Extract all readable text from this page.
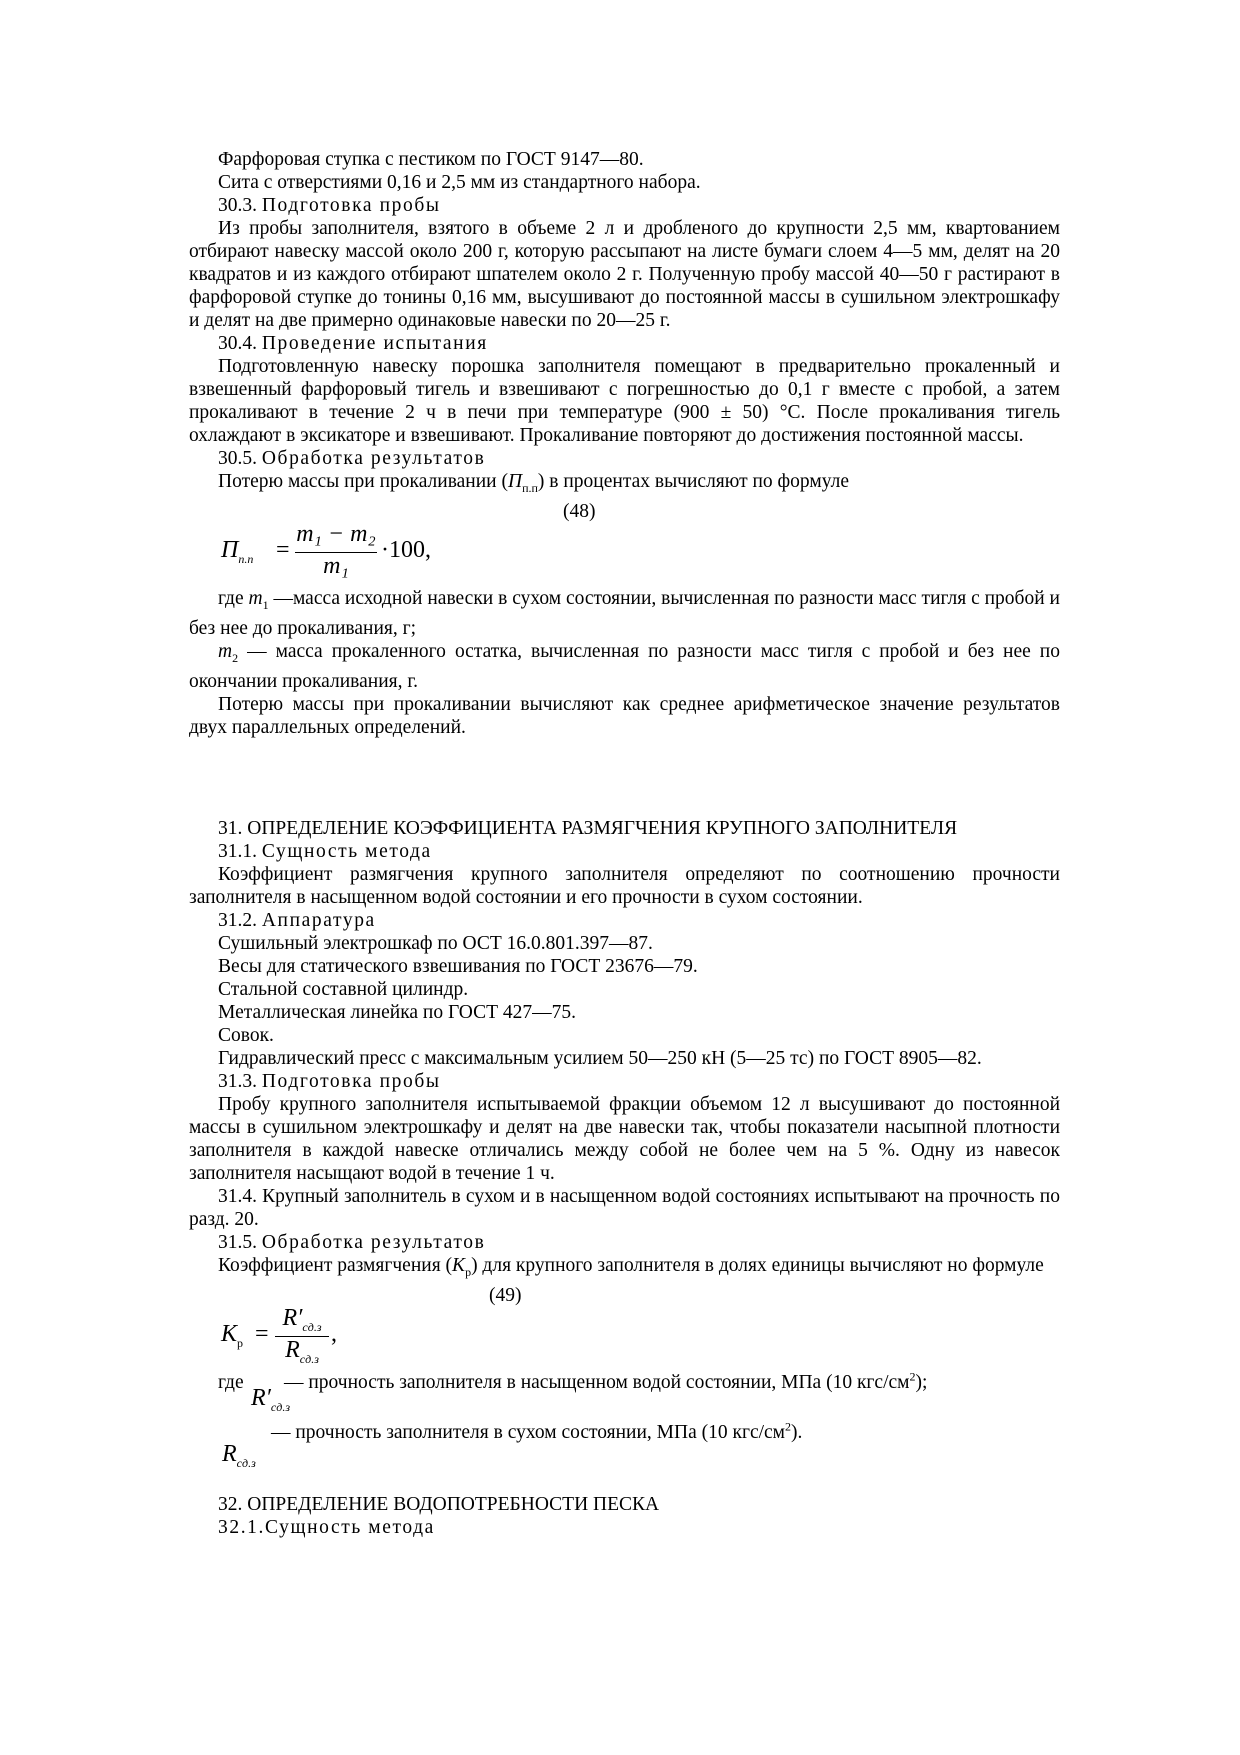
Фарфоровая ступка с пестиком по ГОСТ 9147—80.

Сита с отверстиями 0,16 и 2,5 мм из стандартного набора.

30.3. Подготовка пробы

Из пробы заполнителя, взятого в объеме 2 л и дробленого до крупности 2,5 мм, квартованием отбирают навеску массой около 200 г, которую рассыпают на листе бумаги слоем 4—5 мм, делят на 20 квадратов и из каждого отбирают шпателем около 2 г. Полученную пробу массой 40—50 г растирают в фарфоровой ступке до тонины 0,16 мм, высушивают до постоянной массы в сушильном электрошкафу и делят на две примерно одинаковые навески по 20—25 г.

30.4. Проведение испытания

Подготовленную навеску порошка заполнителя помещают в предварительно прокаленный и взвешенный фарфоровый тигель и взвешивают с погрешностью до 0,1 г вместе с пробой, а затем прокаливают в течение 2 ч в печи при температуре (900 ± 50) °С. После прокаливания тигель охлаждают в эксикаторе и взвешивают. Прокаливание повторяют до достижения постоянной массы.

30.5. Обработка результатов

Потерю массы при прокаливании $(П_{п.п})$ в процентах вычисляют по формуле

(48)
$П_{п.п} = \frac{\text{m₁ − m₂}}{\text{m₁}} \cdot 100$,

где $m_1$ —масса исходной навески в сухом состоянии, вычисленная по разности масс тигля с пробой и без нее до прокаливания, г;

$m_2$ — масса прокаленного остатка, вычисленная по разности масс тигля с пробой и без нее по окончании прокаливания, г.

Потерю массы при прокаливании вычисляют как среднее арифметическое значение результатов двух параллельных определений.

31. ОПРЕДЕЛЕНИЕ КОЭФФИЦИЕНТА РАЗМЯГЧЕНИЯ КРУПНОГО ЗАПОЛНИТЕЛЯ

31.1. Сущность метода

Коэффициент размягчения крупного заполнителя определяют по соотношению прочности заполнителя в насыщенном водой состоянии и его прочности в сухом состоянии.

31.2. Аппаратура

Сушильный электрошкаф по ОСТ 16.0.801.397—87.

Весы для статического взвешивания по ГОСТ 23676—79.

Стальной составной цилиндр.

Металлическая линейка по ГОСТ 427—75.

Совок.

Гидравлический пресс с максимальным усилием 50—250 кН (5—25 тс) по ГОСТ 8905—82.

31.3. Подготовка пробы

Пробу крупного заполнителя испытываемой фракции объемом 12 л высушивают до постоянной массы в сушильном электрошкафу и делят на две навески так, чтобы показатели насыпной плотности заполнителя в каждой навеске отличались между собой не более чем на 5 %. Одну из навесок заполнителя насыщают водой в течение 1 ч.

31.4. Крупный заполнитель в сухом и в насыщенном водой состояниях испытывают на прочность по разд. 20.

31.5. Обработка результатов

Коэффициент размягчения $(K_р)$ для крупного заполнителя в долях единицы вычисляют но формуле

(49)
$K_р$ =
$R'_{сд.з}$
$R_{сд.з}$
,
где — прочность заполнителя в насыщенном водой состоянии, МПа (10 кгс/$см^2$);
$R'_{сд.з}$
— прочность заполнителя в сухом состоянии, МПа (10 кгс/$см^2$).
$R_{сд.з}$

32. ОПРЕДЕЛЕНИЕ ВОДОПОТРЕБНОСТИ ПЕСКА

32.1.Сущность метода
